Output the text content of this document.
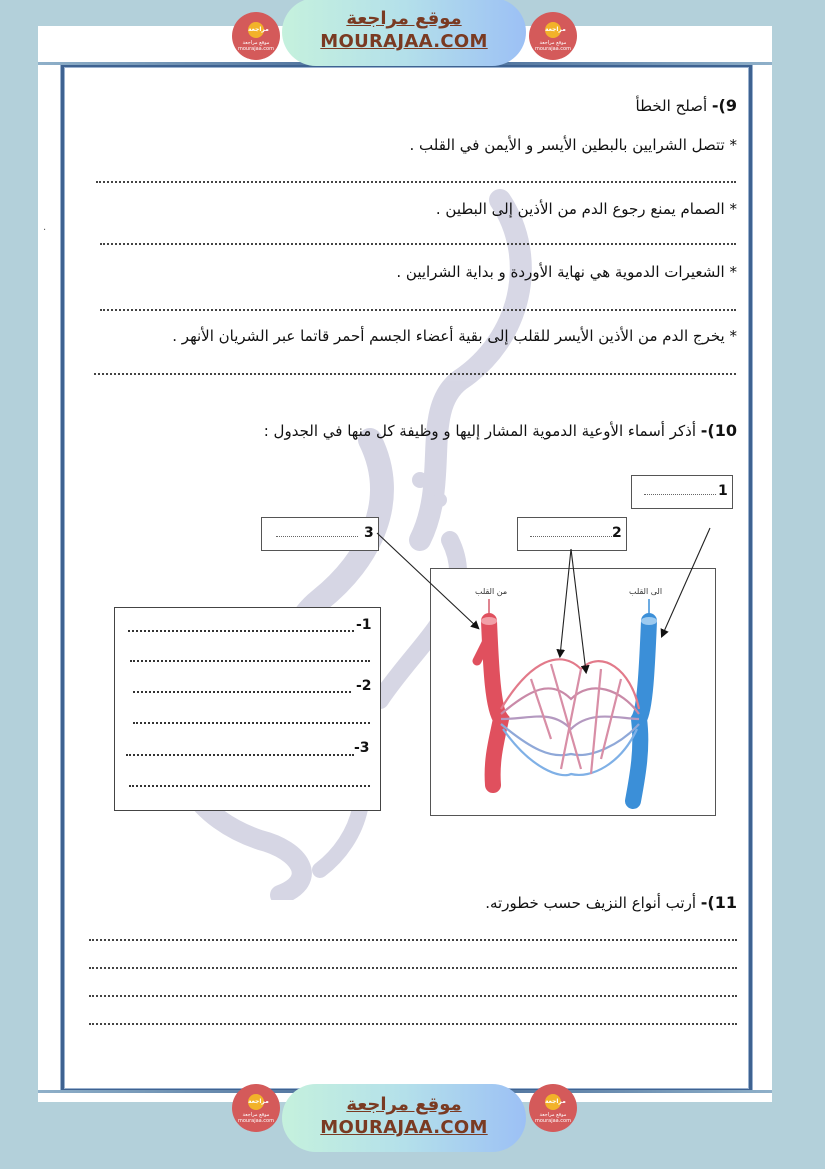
.
مراجعة
موقع مراجعة mourajaa.com
موقع مراجعة
MOURAJAA.COM
مراجعة
موقع مراجعة mourajaa.com
9)- أصلح الخطأ
* تتصل الشرايين بالبطين الأيسر و الأيمن في القلب .
* الصمام يمنع رجوع الدم من الأذين إلى البطين .
* الشعيرات الدموية هي نهاية الأوردة و بداية الشرايين .
* يخرج الدم من الأذين الأيسر للقلب إلى بقية أعضاء الجسم أحمر قاتما عبر الشريان الأنهر .
10)- أذكر أسماء الأوعية الدموية المشار إليها و وظيفة كل منها في الجدول :
1
2
3
-1
-2
-3
من القلب	الى القلب
11)- أرتب أنواع النزيف حسب خطورته.
مراجعة
موقع مراجعة mourajaa.com
موقع مراجعة
MOURAJAA.COM
مراجعة
موقع مراجعة mourajaa.com
